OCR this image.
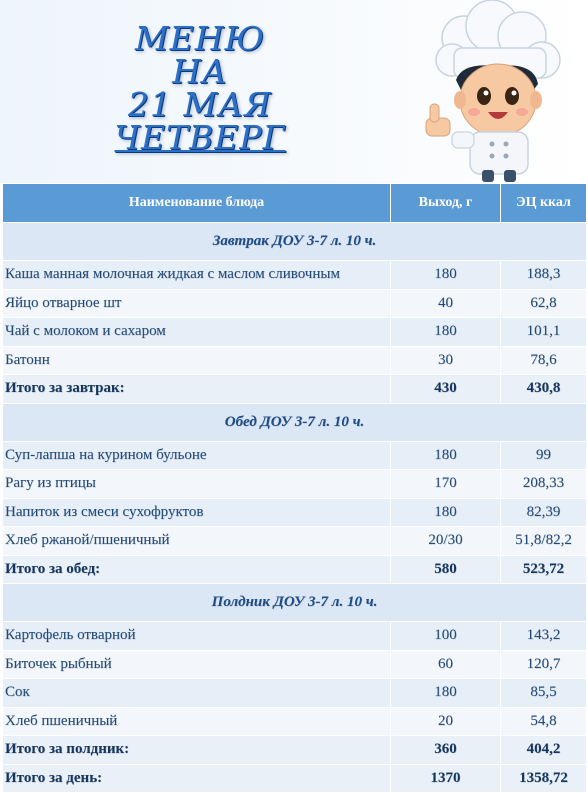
МЕНЮ
НА
21 МАЯ
ЧЕТВЕРГ
Наименование блюда	Выход, г	ЭЦ ккал
Завтрак ДОУ 3-7 л. 10 ч.		
Каша манная молочная жидкая с маслом сливочным	180	188,3
Яйцо отварное шт	40	62,8
Чай с молоком и сахаром	180	101,1
Батонн	30	78,6
Итого за завтрак:	430	430,8
Обед ДОУ 3-7 л. 10 ч.		
Суп-лапша на курином бульоне	180	99
Рагу из птицы	170	208,33
Напиток из смеси сухофруктов	180	82,39
Хлеб ржаной/пшеничный	20/30	51,8/82,2
Итого за обед:	580	523,72
Полдник ДОУ 3-7 л. 10 ч.		
Картофель отварной	100	143,2
Биточек рыбный	60	120,7
Сок	180	85,5
Хлеб пшеничный	20	54,8
Итого за полдник:	360	404,2
Итого за день:	1370	1358,72
